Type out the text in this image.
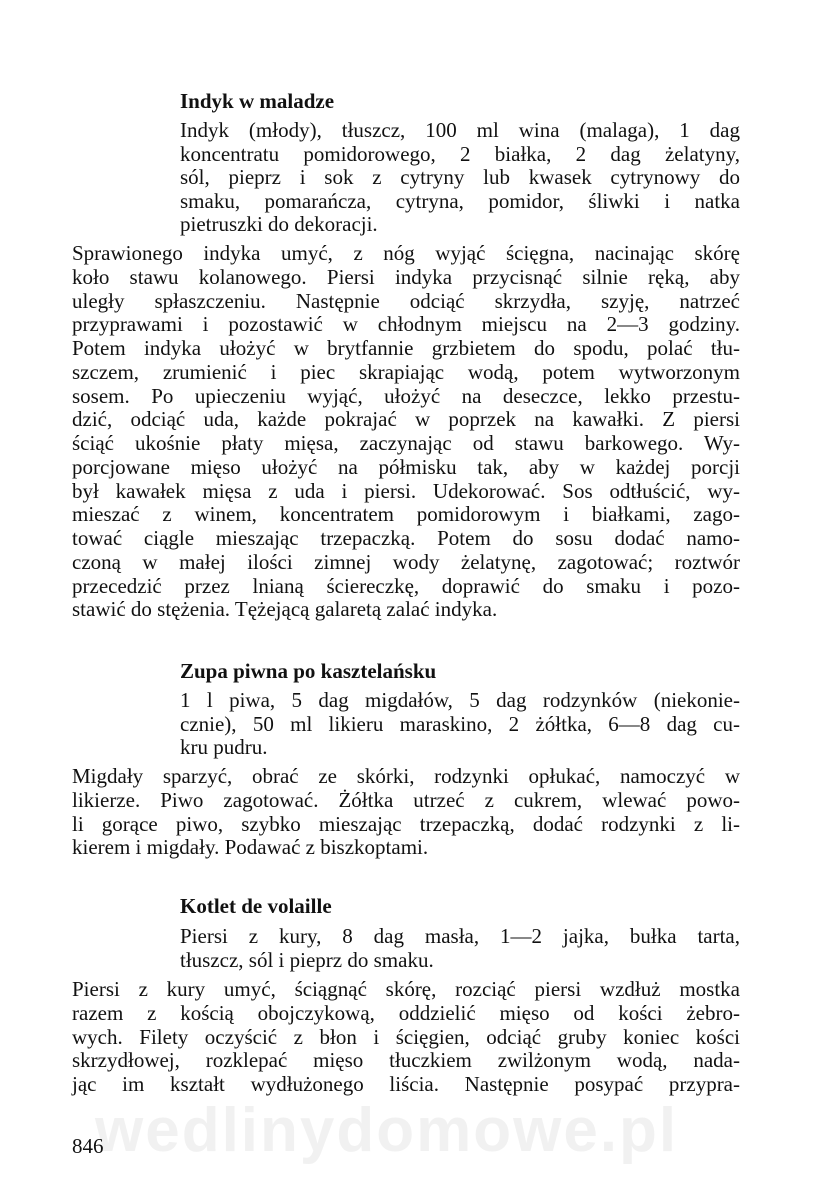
Indyk w maladze
Indyk (młody), tłuszcz, 100 ml wina (malaga), 1 dag
koncentratu pomidorowego, 2 białka, 2 dag żelatyny,
sól, pieprz i sok z cytryny lub kwasek cytrynowy do
smaku, pomarańcza, cytryna, pomidor, śliwki i natka
pietruszki do dekoracji.
Sprawionego indyka umyć, z nóg wyjąć ścięgna, nacinając skórę
koło stawu kolanowego. Piersi indyka przycisnąć silnie ręką, aby
uległy spłaszczeniu. Następnie odciąć skrzydła, szyję, natrzeć
przyprawami i pozostawić w chłodnym miejscu na 2—3 godziny.
Potem indyka ułożyć w brytfannie grzbietem do spodu, polać tłu-
szczem, zrumienić i piec skrapiając wodą, potem wytworzonym
sosem. Po upieczeniu wyjąć, ułożyć na deseczce, lekko przestu-
dzić, odciąć uda, każde pokrajać w poprzek na kawałki. Z piersi
ściąć ukośnie płaty mięsa, zaczynając od stawu barkowego. Wy-
porcjowane mięso ułożyć na półmisku tak, aby w każdej porcji
był kawałek mięsa z uda i piersi. Udekorować. Sos odtłuścić, wy-
mieszać z winem, koncentratem pomidorowym i białkami, zago-
tować ciągle mieszając trzepaczką. Potem do sosu dodać namo-
czoną w małej ilości zimnej wody żelatynę, zagotować; roztwór
przecedzić przez lnianą ściereczkę, doprawić do smaku i pozo-
stawić do stężenia. Tężejącą galaretą zalać indyka.
Zupa piwna po kasztelańsku
1 l piwa, 5 dag migdałów, 5 dag rodzynków (niekonie-
cznie), 50 ml likieru maraskino, 2 żółtka, 6—8 dag cu-
kru pudru.
Migdały sparzyć, obrać ze skórki, rodzynki opłukać, namoczyć w
likierze. Piwo zagotować. Żółtka utrzeć z cukrem, wlewać powo-
li gorące piwo, szybko mieszając trzepaczką, dodać rodzynki z li-
kierem i migdały. Podawać z biszkoptami.
Kotlet de volaille
Piersi z kury, 8 dag masła, 1—2 jajka, bułka tarta,
tłuszcz, sól i pieprz do smaku.
Piersi z kury umyć, ściągnąć skórę, rozciąć piersi wzdłuż mostka
razem z kością obojczykową, oddzielić mięso od kości żebro-
wych. Filety oczyścić z błon i ścięgien, odciąć gruby koniec kości
skrzydłowej, rozklepać mięso tłuczkiem zwilżonym wodą, nada-
jąc im kształt wydłużonego liścia. Następnie posypać przypra-
wedlinydomowe.pl
846
